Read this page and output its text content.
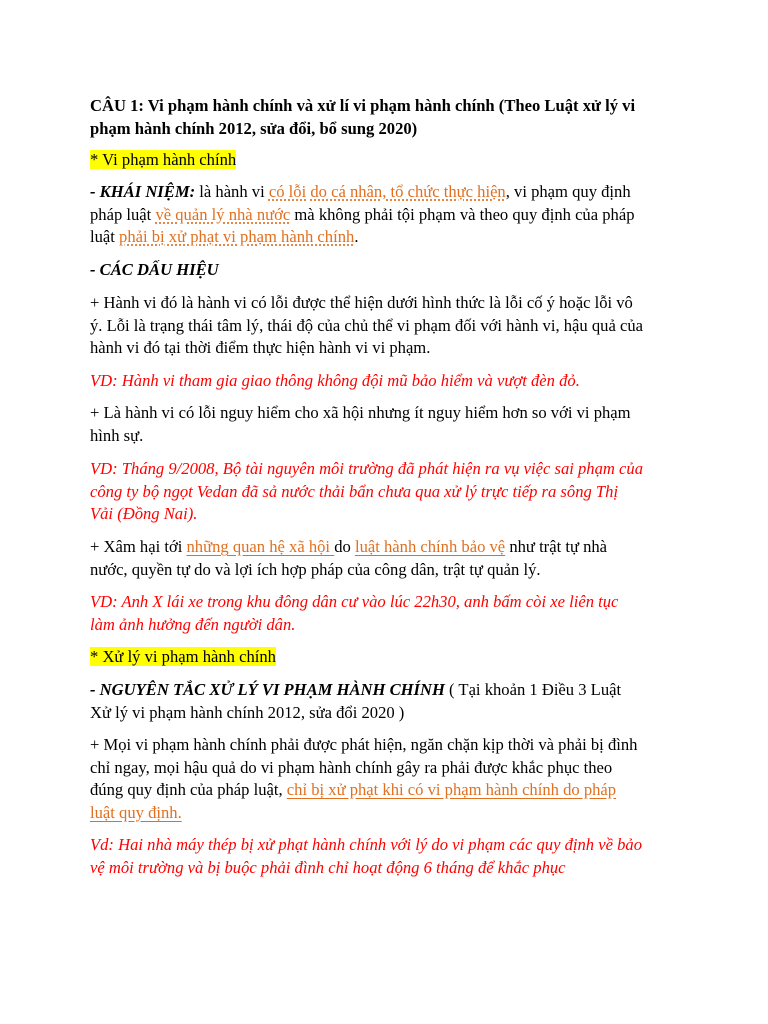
CÂU 1: Vi phạm hành chính và xử lí vi phạm hành chính (Theo Luật xử lý vi
phạm hành chính 2012, sửa đổi, bổ sung 2020)

* Vi phạm hành chính

- KHÁI NIỆM: là hành vi có lỗi do cá nhân, tổ chức thực hiện, vi phạm quy định
pháp luật về quản lý nhà nước mà không phải tội phạm và theo quy định của pháp
luật phải bị xử phạt vi phạm hành chính.

- CÁC DẤU HIỆU

+ Hành vi đó là hành vi có lỗi được thể hiện dưới hình thức là lỗi cố ý hoặc lỗi vô
ý. Lỗi là trạng thái tâm lý, thái độ của chủ thể vi phạm đối với hành vi, hậu quả của
hành vi đó tại thời điểm thực hiện hành vi vi phạm.

VD: Hành vi tham gia giao thông không đội mũ bảo hiểm và vượt đèn đỏ.

+ Là hành vi có lỗi nguy hiểm cho xã hội nhưng ít nguy hiểm hơn so với vi phạm
hình sự.

VD: Tháng 9/2008, Bộ tài nguyên môi trường đã phát hiện ra vụ việc sai phạm của
công ty bộ ngọt Vedan đã sả nước thải bẩn chưa qua xử lý trực tiếp ra sông Thị
Vải (Đồng Nai).

+ Xâm hại tới những quan hệ xã hội do luật hành chính bảo vệ như trật tự nhà
nước, quyền tự do và lợi ích hợp pháp của công dân, trật tự quản lý.

VD: Anh X lái xe trong khu đông dân cư vào lúc 22h30, anh bấm còi xe liên tục
làm ảnh hưởng đến người dân.

* Xử lý vi phạm hành chính

- NGUYÊN TẮC XỬ LÝ VI PHẠM HÀNH CHÍNH ( Tại khoản 1 Điều 3 Luật
Xử lý vi phạm hành chính 2012, sửa đổi 2020 )

+ Mọi vi phạm hành chính phải được phát hiện, ngăn chặn kịp thời và phải bị đình
chỉ ngay, mọi hậu quả do vi phạm hành chính gây ra phải được khắc phục theo
đúng quy định của pháp luật, chỉ bị xử phạt khi có vi phạm hành chính do pháp
luật quy định.

Vd: Hai nhà máy thép bị xử phạt hành chính với lý do vi phạm các quy định về bảo
vệ môi trường và bị buộc phải đình chỉ hoạt động 6 tháng để khắc phục
